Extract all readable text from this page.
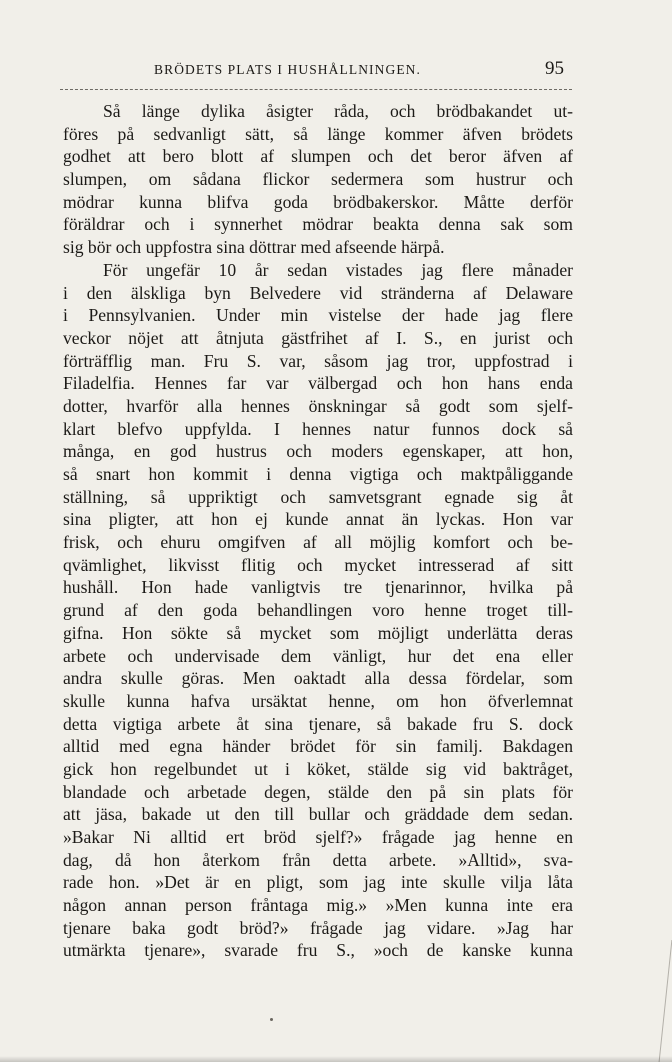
BRÖDETS PLATS I HUSHÅLLNINGEN.	95
Så länge dylika åsigter råda, och brödbakandet ut-
föres på sedvanligt sätt, så länge kommer äfven brödets
godhet att bero blott af slumpen och det beror äfven af
slumpen, om sådana flickor sedermera som hustrur och
mödrar kunna blifva goda brödbakerskor. Måtte derför
föräldrar och i synnerhet mödrar beakta denna sak som
sig bör och uppfostra sina döttrar med afseende härpå.
För ungefär 10 år sedan vistades jag flere månader
i den älskliga byn Belvedere vid stränderna af Delaware
i Pennsylvanien. Under min vistelse der hade jag flere
veckor nöjet att åtnjuta gästfrihet af I. S., en jurist och
förträfflig man. Fru S. var, såsom jag tror, uppfostrad i
Filadelfia. Hennes far var välbergad och hon hans enda
dotter, hvarför alla hennes önskningar så godt som sjelf-
klart blefvo uppfylda. I hennes natur funnos dock så
många, en god hustrus och moders egenskaper, att hon,
så snart hon kommit i denna vigtiga och maktpåliggande
ställning, så uppriktigt och samvetsgrant egnade sig åt
sina pligter, att hon ej kunde annat än lyckas. Hon var
frisk, och ehuru omgifven af all möjlig komfort och be-
qvämlighet, likvisst flitig och mycket intresserad af sitt
hushåll. Hon hade vanligtvis tre tjenarinnor, hvilka på
grund af den goda behandlingen voro henne troget till-
gifna. Hon sökte så mycket som möjligt underlätta deras
arbete och undervisade dem vänligt, hur det ena eller
andra skulle göras. Men oaktadt alla dessa fördelar, som
skulle kunna hafva ursäktat henne, om hon öfverlemnat
detta vigtiga arbete åt sina tjenare, så bakade fru S. dock
alltid med egna händer brödet för sin familj. Bakdagen
gick hon regelbundet ut i köket, stälde sig vid baktråget,
blandade och arbetade degen, stälde den på sin plats för
att jäsa, bakade ut den till bullar och gräddade dem sedan.
»Bakar Ni alltid ert bröd sjelf?» frågade jag henne en
dag, då hon återkom från detta arbete. »Alltid», sva-
rade hon. »Det är en pligt, som jag inte skulle vilja låta
någon annan person fråntaga mig.» »Men kunna inte era
tjenare baka godt bröd?» frågade jag vidare. »Jag har
utmärkta tjenare», svarade fru S., »och de kanske kunna
